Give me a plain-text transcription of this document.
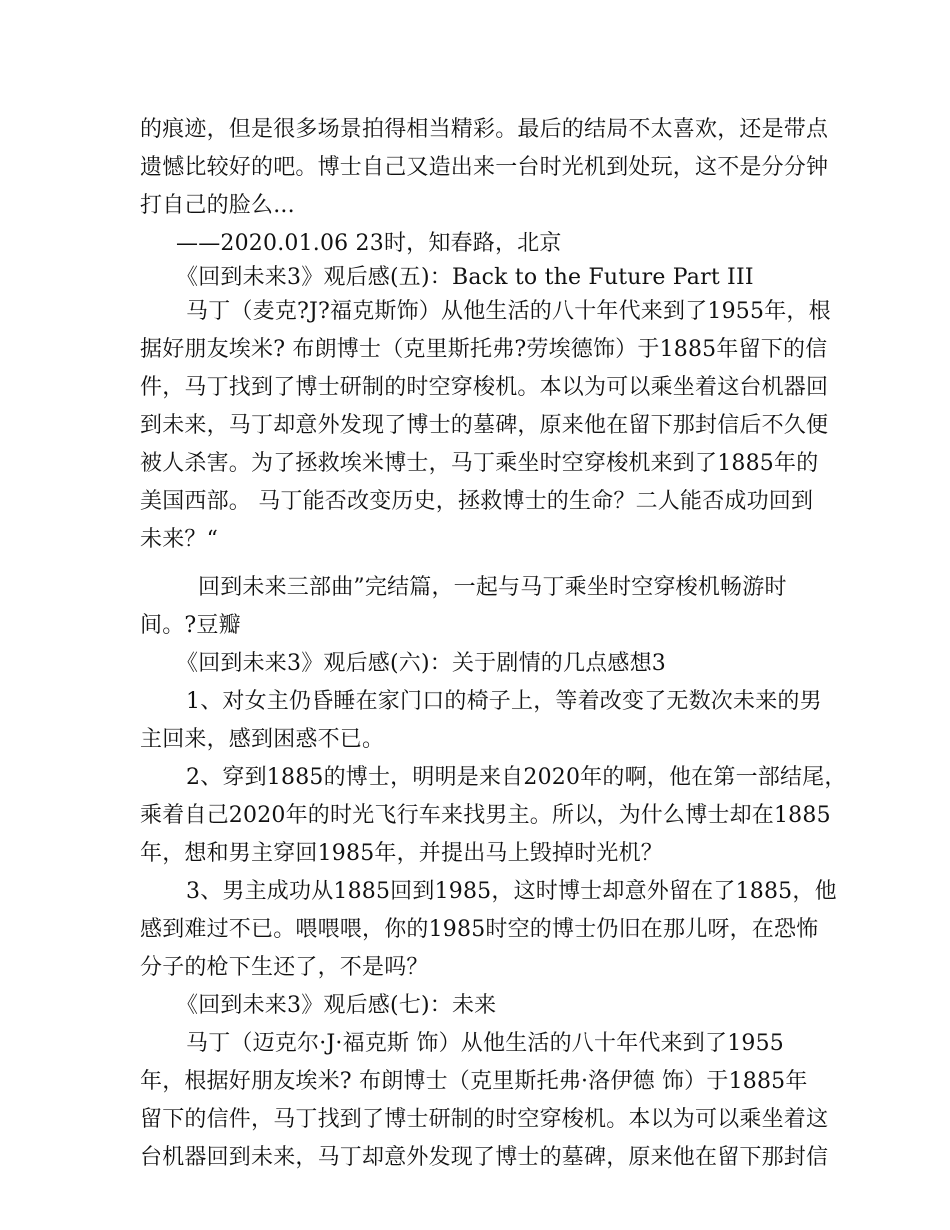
的痕迹，但是很多场景拍得相当精彩。最后的结局不太喜欢，还是带点
遗憾比较好的吧。博士自己又造出来一台时光机到处玩，这不是分分钟
打自己的脸么...
——2020.01.06 23时，知春路，北京
《回到未来3》观后感(五)：Back to the Future Part III
马丁（麦克?J?福克斯饰）从他生活的八十年代来到了1955年，根
据好朋友埃米? 布朗博士（克里斯托弗?劳埃德饰）于1885年留下的信
件，马丁找到了博士研制的时空穿梭机。本以为可以乘坐着这台机器回
到未来，马丁却意外发现了博士的墓碑，原来他在留下那封信后不久便
被人杀害。为了拯救埃米博士，马丁乘坐时空穿梭机来到了1885年的
美国西部。 马丁能否改变历史，拯救博士的生命？二人能否成功回到
未来？“
回到未来三部曲”完结篇，一起与马丁乘坐时空穿梭机畅游时
间。?豆瓣
《回到未来3》观后感(六)：关于剧情的几点感想3
1、对女主仍昏睡在家门口的椅子上，等着改变了无数次未来的男
主回来，感到困惑不已。
2、穿到1885的博士，明明是来自2020年的啊，他在第一部结尾，
乘着自己2020年的时光飞行车来找男主。所以，为什么博士却在1885
年，想和男主穿回1985年，并提出马上毁掉时光机？
3、男主成功从1885回到1985，这时博士却意外留在了1885，他
感到难过不已。喂喂喂，你的1985时空的博士仍旧在那儿呀，在恐怖
分子的枪下生还了，不是吗？
《回到未来3》观后感(七)：未来
马丁（迈克尔·J·福克斯 饰）从他生活的八十年代来到了1955
年，根据好朋友埃米? 布朗博士（克里斯托弗·洛伊德 饰）于1885年
留下的信件，马丁找到了博士研制的时空穿梭机。本以为可以乘坐着这
台机器回到未来，马丁却意外发现了博士的墓碑，原来他在留下那封信
